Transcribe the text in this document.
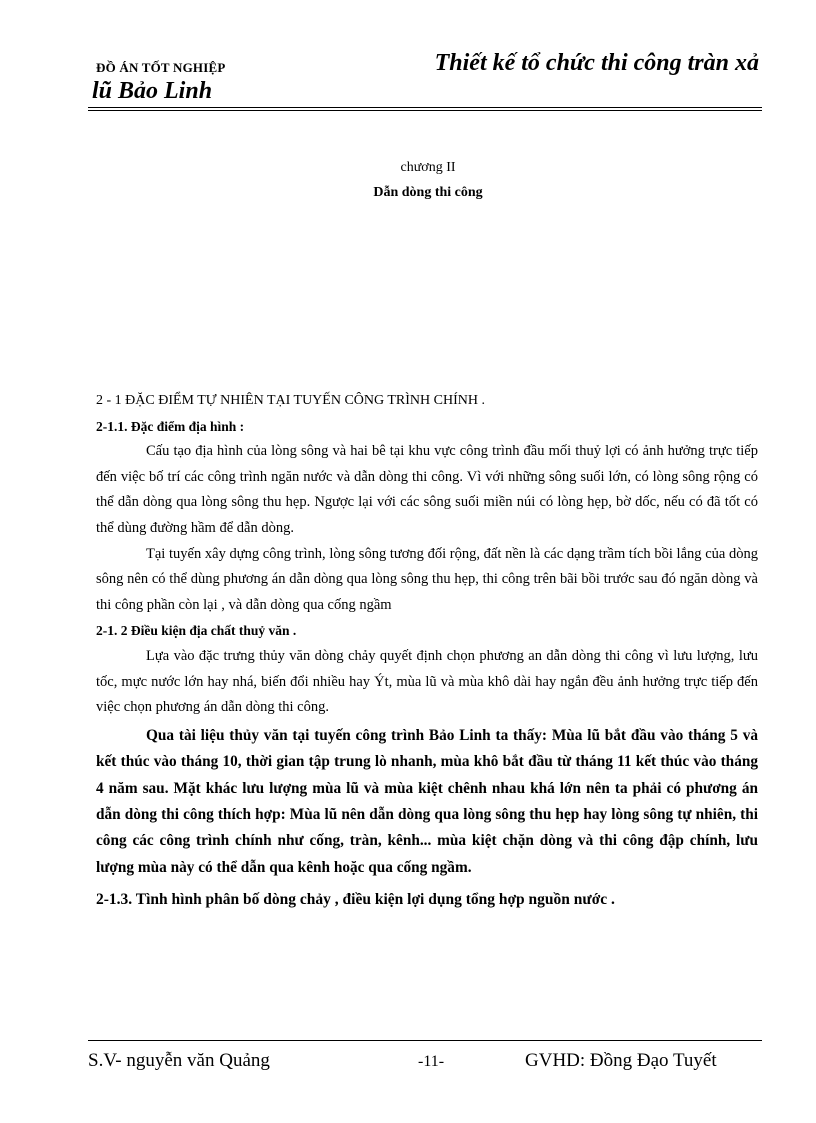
ĐỒ ÁN TỐT NGHIỆP	Thiết kế tổ chức thi công tràn xả
lũ Bảo Linh
chương II
Dẫn dòng thi công

2 - 1 ĐẶC ĐIỂM TỰ NHIÊN TẠI TUYẾN CÔNG TRÌNH CHÍNH .

2-1.1. Đặc điểm địa hình :

Cấu tạo địa hình của lòng sông và hai bê tại khu vực công trình đầu mối thuỷ lợi có ảnh hưởng trực tiếp đến việc bố trí các công trình ngăn nước và dẫn dòng thi công. Vì với những sông suối lớn, có lòng sông rộng có thể dẫn dòng qua lòng sông thu hẹp. Ngược lại với các sông suối miền núi có lòng hẹp, bờ dốc, nếu có đã tốt có thể dùng đường hầm để dẫn dòng.

Tại tuyến xây dựng công trình, lòng sông tương đối rộng, đất nền là các dạng trầm tích bồi lắng của dòng sông nên có thể dùng phương án dẫn dòng qua lòng sông thu hẹp, thi công trên bãi bồi trước sau đó ngăn dòng và thi công phần còn lại , và dẫn dòng qua cống ngầm

2-1. 2 Điều kiện địa chất thuỷ văn .

Lựa vào đặc trưng thủy văn dòng chảy quyết định chọn phương an dẫn dòng thi công vì lưu lượng, lưu tốc, mực nước lớn hay nhá, biến đổi nhiều hay Ýt, mùa lũ và mùa khô dài hay ngắn đều ảnh hưởng trực tiếp đến việc chọn phương án dẫn dòng thi công.

Qua tài liệu thủy văn tại tuyến công trình Bảo Linh ta thấy: Mùa lũ bắt đầu vào tháng 5 và kết thúc vào tháng 10, thời gian tập trung lò nhanh, mùa khô bắt đầu từ tháng 11 kết thúc vào tháng 4 năm sau. Mặt khác lưu lượng mùa lũ và mùa kiệt chênh nhau khá lớn nên ta phải có phương án dẫn dòng thi công thích hợp: Mùa lũ nên dẫn dòng qua lòng sông thu hẹp hay lòng sông tự nhiên, thi công các công trình chính như cống, tràn, kênh... mùa kiệt chặn dòng và thi công đập chính, lưu lượng mùa này có thể dẫn qua kênh hoặc qua cống ngầm.

2-1.3. Tình hình phân bố dòng chảy , điều kiện lợi dụng tổng hợp nguồn nước .

S.V- nguyễn văn Quảng	-11-	GVHD: Đồng Đạo Tuyết
